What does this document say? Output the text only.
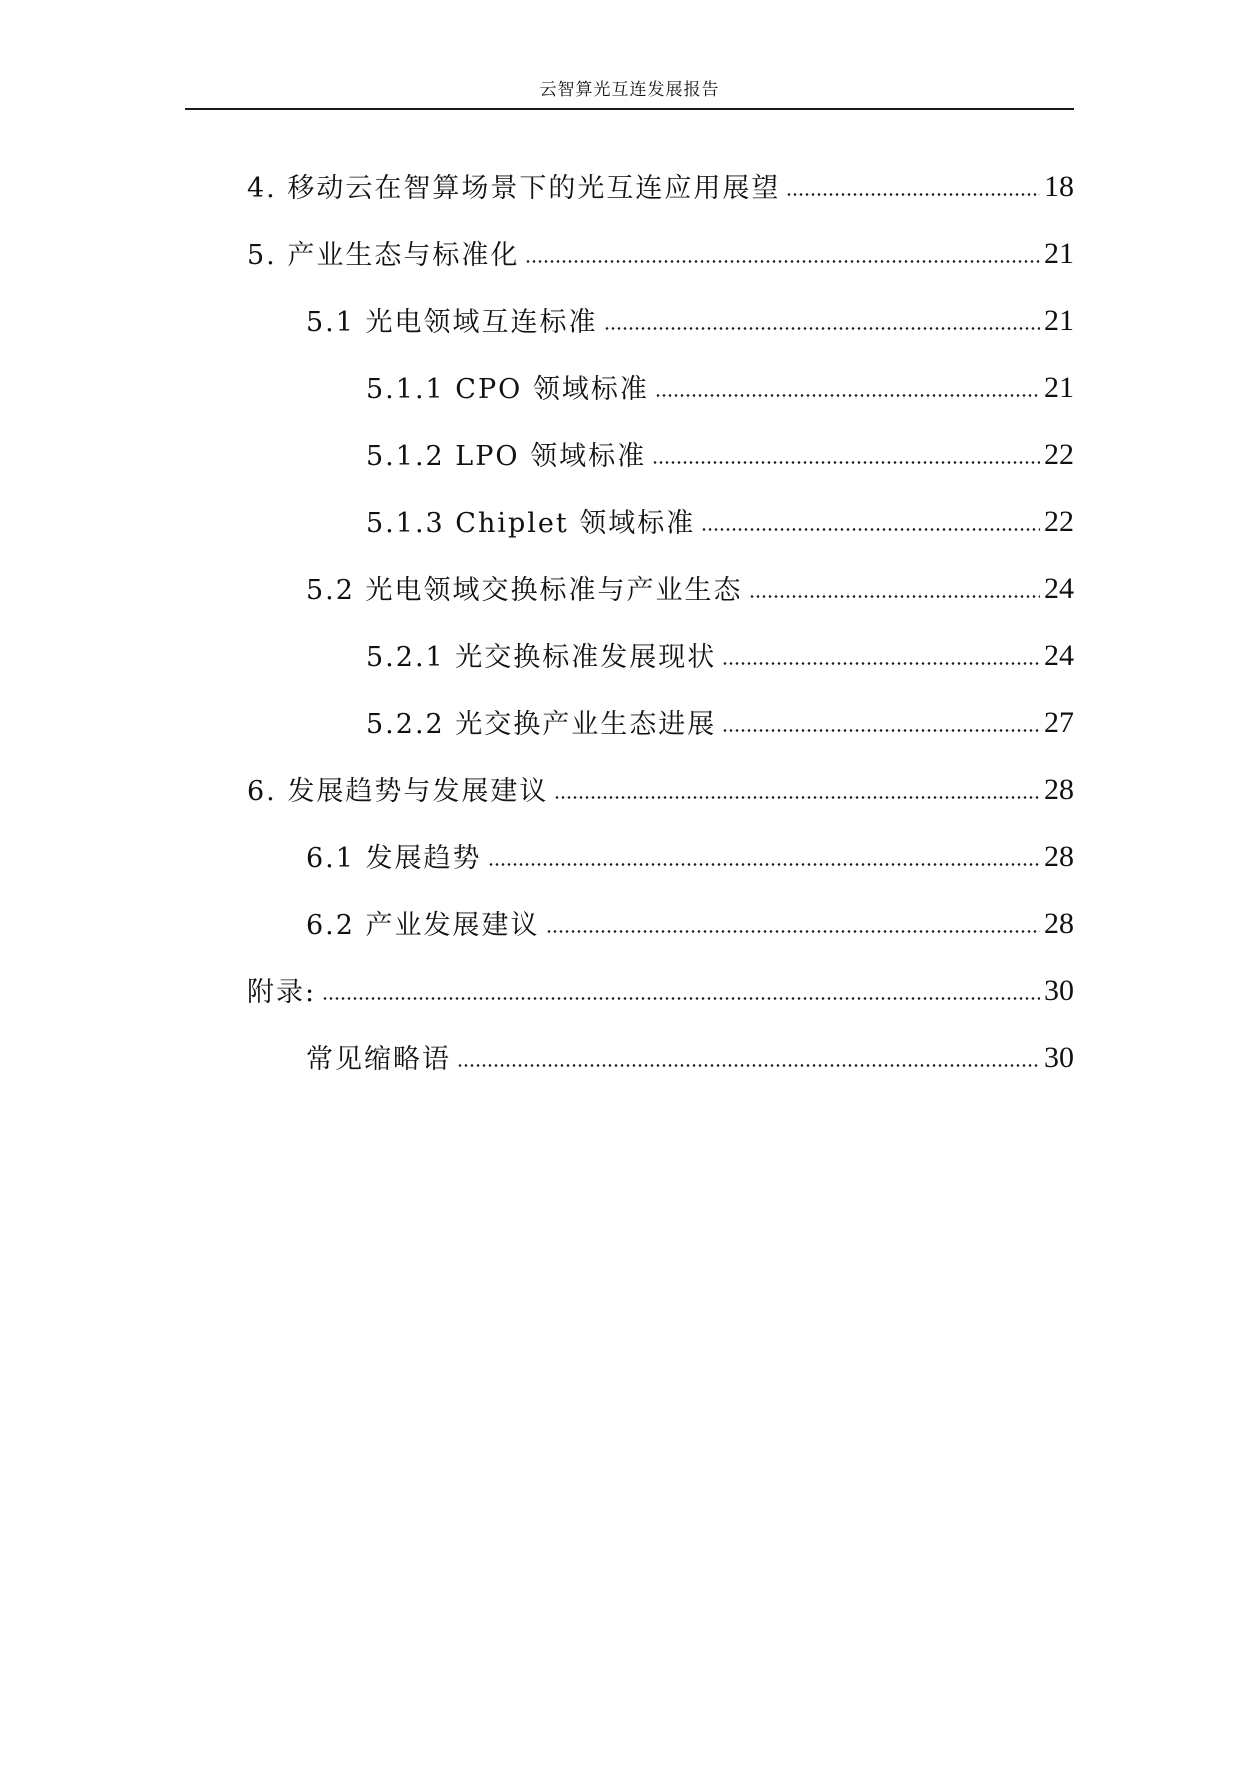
云智算光互连发展报告
4. 移动云在智算场景下的光互连应用展望	18
5. 产业生态与标准化	21
5.1 光电领域互连标准	21
5.1.1 CPO 领域标准	21
5.1.2 LPO 领域标准	22
5.1.3 Chiplet 领域标准	22
5.2 光电领域交换标准与产业生态	24
5.2.1 光交换标准发展现状	24
5.2.2 光交换产业生态进展	27
6. 发展趋势与发展建议	28
6.1 发展趋势	28
6.2 产业发展建议	28
附录:	30
常见缩略语	30
